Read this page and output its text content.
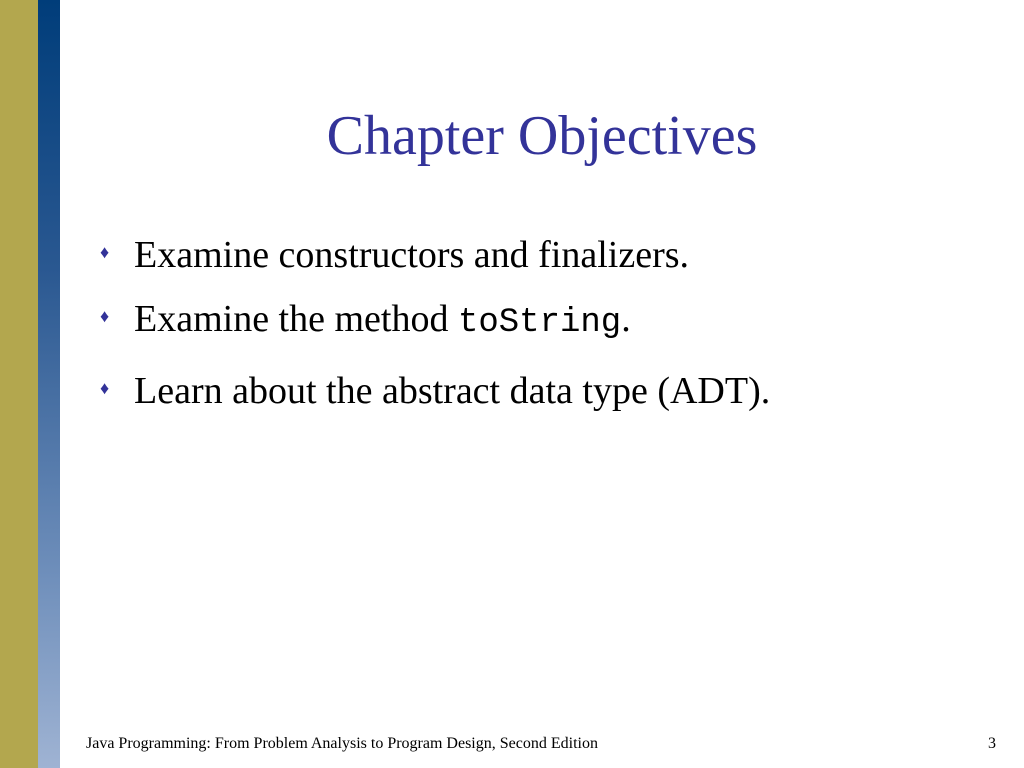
Chapter Objectives
♦ Examine constructors and finalizers.
♦ Examine the method toString.
♦ Learn about the abstract data type (ADT).
Java Programming: From Problem Analysis to Program Design, Second Edition	3
